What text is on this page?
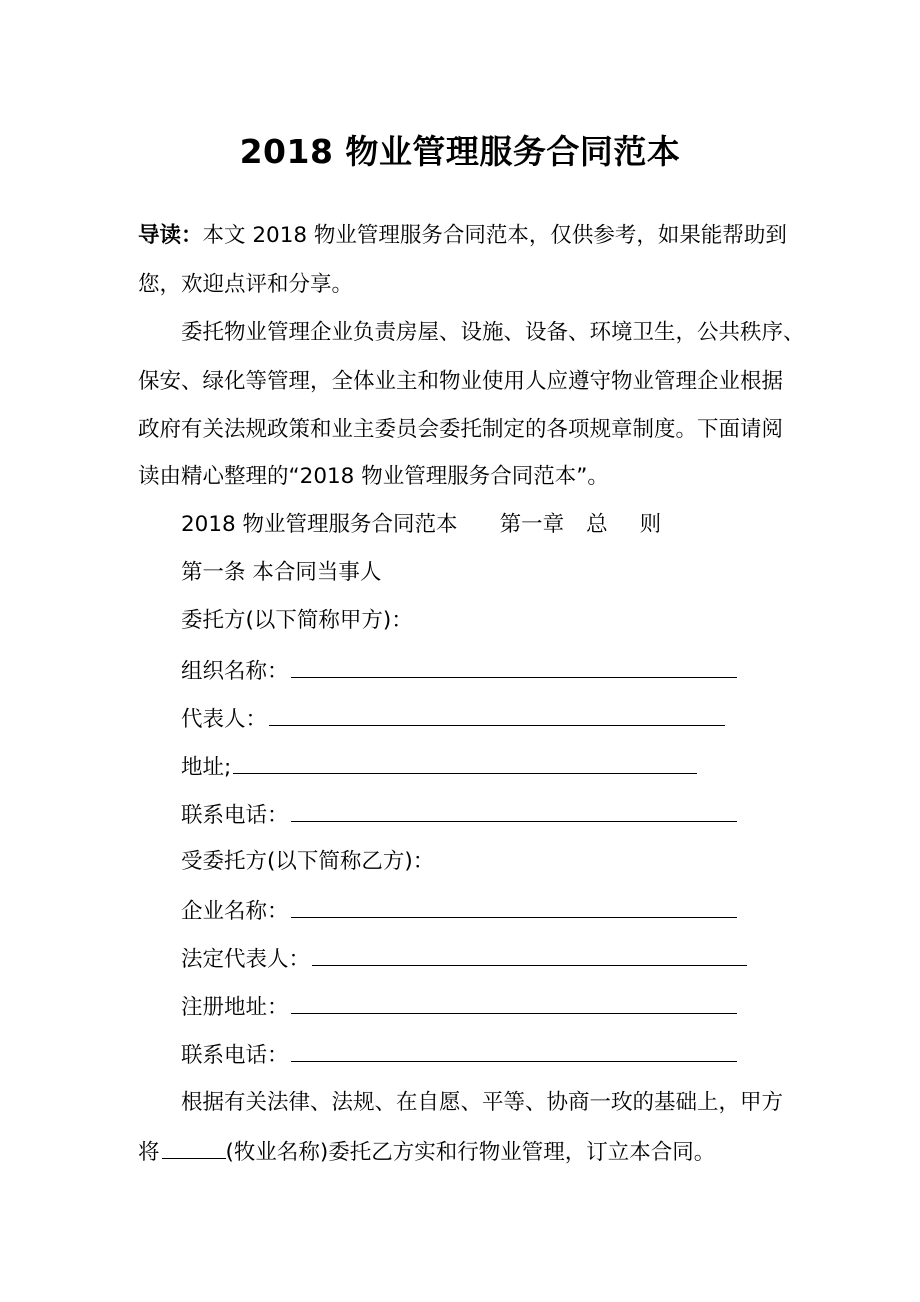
2018 物业管理服务合同范本
导读：本文 2018 物业管理服务合同范本，仅供参考，如果能帮助到
您，欢迎点评和分享。
委托物业管理企业负责房屋、设施、设备、环境卫生，公共秩序、
保安、绿化等管理，全体业主和物业使用人应遵守物业管理企业根据
政府有关法规政策和业主委员会委托制定的各项规章制度。下面请阅
读由精心整理的“2018 物业管理服务合同范本”。
2018 物业管理服务合同范本 第一章 总 则
第一条 本合同当事人
委托方(以下简称甲方)：
组织名称：
代表人：
地址;
联系电话：
受委托方(以下简称乙方)：
企业名称：
法定代表人：
注册地址：
联系电话：
根据有关法律、法规、在自愿、平等、协商一玫的基础上，甲方
将	(牧业名称)委托乙方实和行物业管理，订立本合同。
